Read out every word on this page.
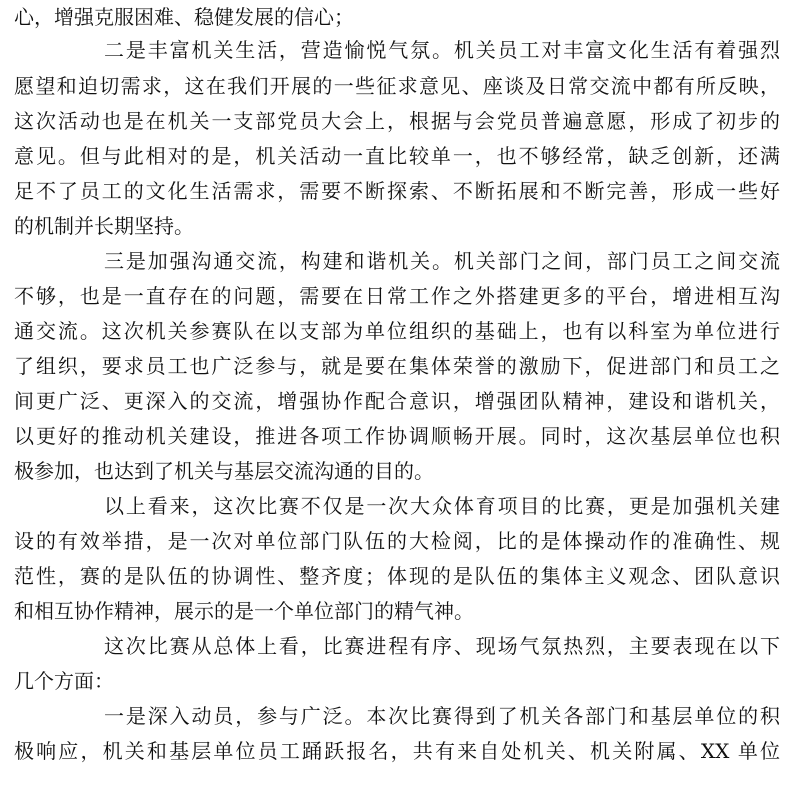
心，增强克服困难、稳健发展的信心；
二是丰富机关生活，营造愉悦气氛。机关员工对丰富文化生活有着强烈
愿望和迫切需求，这在我们开展的一些征求意见、座谈及日常交流中都有所反映，
这次活动也是在机关一支部党员大会上，根据与会党员普遍意愿，形成了初步的
意见。但与此相对的是，机关活动一直比较单一，也不够经常，缺乏创新，还满
足不了员工的文化生活需求，需要不断探索、不断拓展和不断完善，形成一些好
的机制并长期坚持。
三是加强沟通交流，构建和谐机关。机关部门之间，部门员工之间交流
不够，也是一直存在的问题，需要在日常工作之外搭建更多的平台，增进相互沟
通交流。这次机关参赛队在以支部为单位组织的基础上，也有以科室为单位进行
了组织，要求员工也广泛参与，就是要在集体荣誉的激励下，促进部门和员工之
间更广泛、更深入的交流，增强协作配合意识，增强团队精神，建设和谐机关，
以更好的推动机关建设，推进各项工作协调顺畅开展。同时，这次基层单位也积
极参加，也达到了机关与基层交流沟通的目的。
以上看来，这次比赛不仅是一次大众体育项目的比赛，更是加强机关建
设的有效举措，是一次对单位部门队伍的大检阅，比的是体操动作的准确性、规
范性，赛的是队伍的协调性、整齐度；体现的是队伍的集体主义观念、团队意识
和相互协作精神，展示的是一个单位部门的精气神。
这次比赛从总体上看，比赛进程有序、现场气氛热烈，主要表现在以下
几个方面：
一是深入动员，参与广泛。本次比赛得到了机关各部门和基层单位的积
极响应，机关和基层单位员工踊跃报名，共有来自处机关、机关附属、XX 单位
